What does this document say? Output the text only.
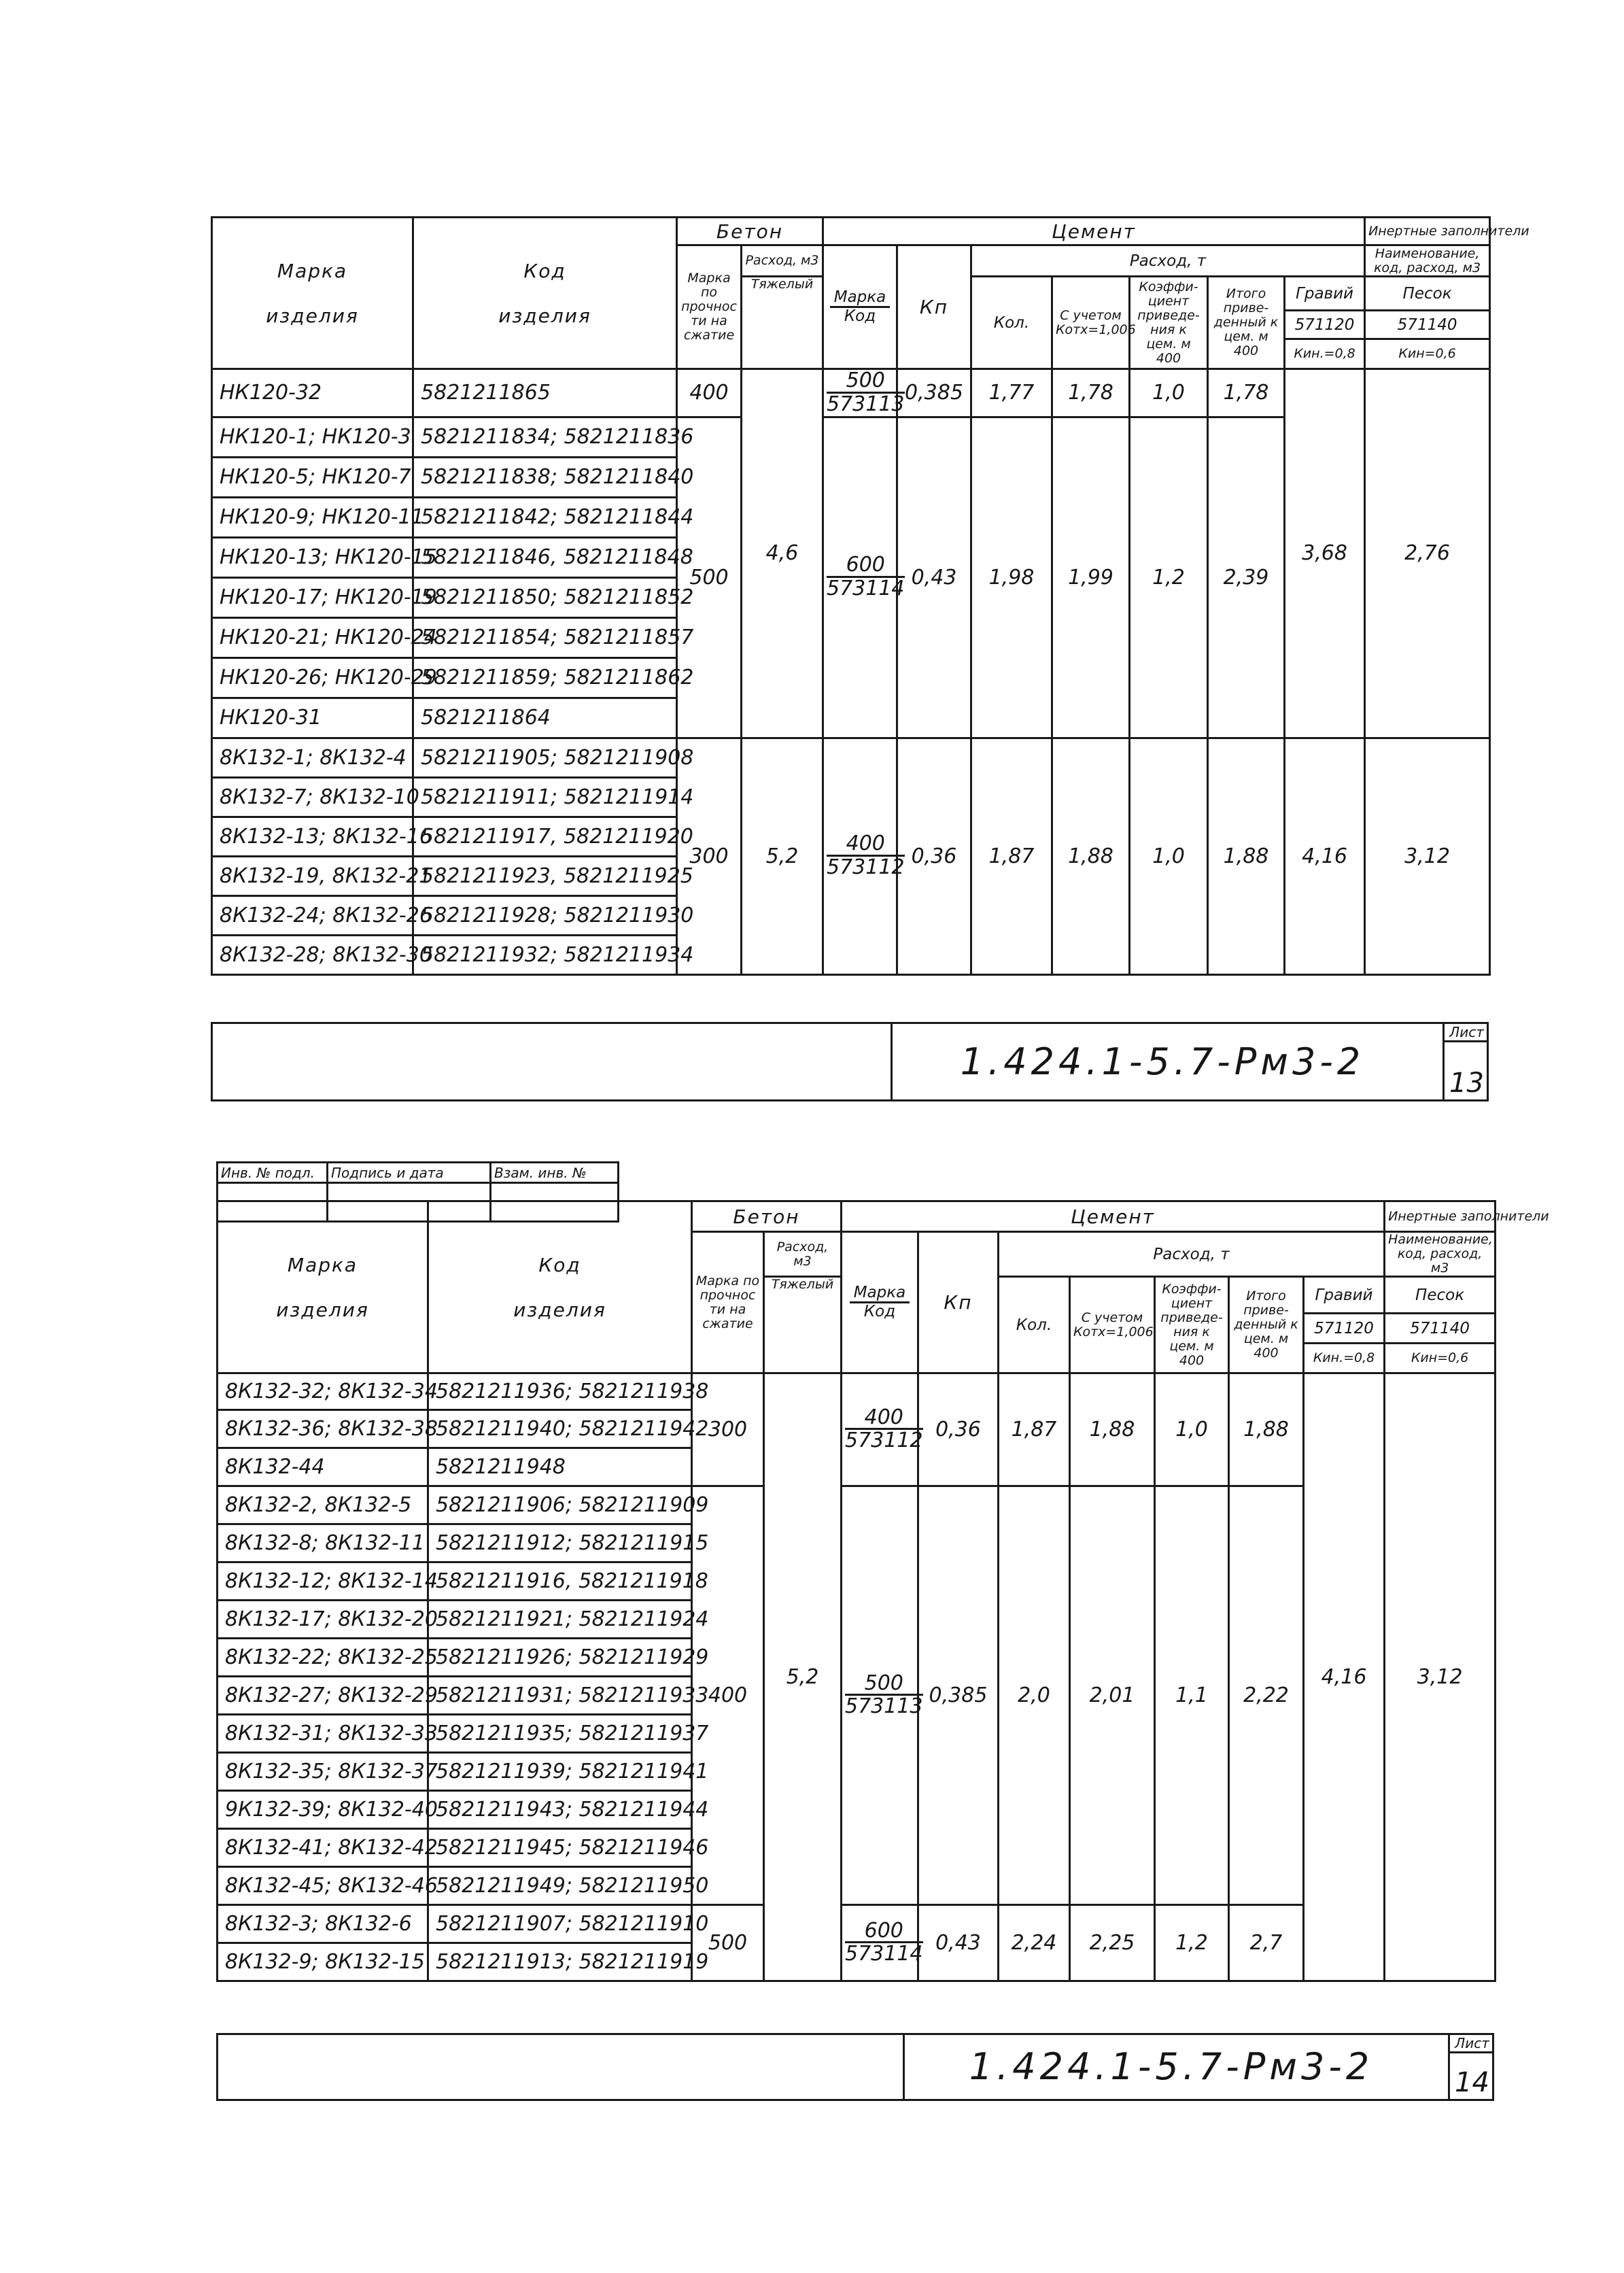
Марка

изделия	Код

изделия	Бетон		Цемент							Инертные заполнители
		Марка по прочнос ти на сжатие	Расход, м3	$\frac{\text{Марка}}{\text{Код}}$	Кп	Расход, т					Наименование, код, расход, м3
			Тяжелый			Кол.	С учетом Котх=1,006	Коэффи- циент приведе- ния к цем. м 400	Итого приве- денный к цем. м 400	Гравий	Песок
										571120	571140
										Кин.=0,8	Кин=0,6
НК120-32	5821211865	400	4,6	$\frac{500}{573113}$	0,385	1,77	1,78	1,0	1,78	3,68	2,76
НК120-1; НК120-3	5821211834; 5821211836	500		$\frac{600}{573114}$	0,43	1,98	1,99	1,2	2,39		
НК120-5; НК120-7	5821211838; 5821211840										
НК120-9; НК120-11	5821211842; 5821211844										
НК120-13; НК120-15	5821211846, 5821211848										
НК120-17; НК120-19	5821211850; 5821211852										
НК120-21; НК120-24	5821211854; 5821211857										
НК120-26; НК120-29	5821211859; 5821211862										
НК120-31	5821211864										
8К132-1; 8К132-4	5821211905; 5821211908	300	5,2	$\frac{400}{573112}$	0,36	1,87	1,88	1,0	1,88	4,16	3,12
8К132-7; 8К132-10	5821211911; 5821211914										
8К132-13; 8К132-16	5821211917, 5821211920										
8К132-19, 8К132-21	5821211923, 5821211925										
8К132-24; 8К132-26	5821211928; 5821211930										
8К132-28; 8К132-30	5821211932; 5821211934										
1.424.1-5.7-Рм3-2
Лист
13
Инв. № подл.	Подпись и дата	Взам. инв. №

Марка

изделия	Код

изделия	Бетон		Цемент							Инертные заполнители
		Марка по прочнос ти на сжатие	Расход, м3	$\frac{\text{Марка}}{\text{Код}}$	Кп	Расход, т					Наименование, код, расход, м3
			Тяжелый			Кол.	С учетом Котх=1,006	Коэффи- циент приведе- ния к цем. м 400	Итого приве- денный к цем. м 400	Гравий	Песок
										571120	571140
										Кин.=0,8	Кин=0,6
8К132-32; 8К132-34	5821211936; 5821211938	300	5,2	$\frac{400}{573112}$	0,36	1,87	1,88	1,0	1,88	4,16	3,12
8К132-36; 8К132-38	5821211940; 5821211942										
8К132-44	5821211948										
8К132-2, 8К132-5	5821211906; 5821211909	400		$\frac{500}{573113}$	0,385	2,0	2,01	1,1	2,22		
8К132-8; 8К132-11	5821211912; 5821211915										
8К132-12; 8К132-14	5821211916, 5821211918										
8К132-17; 8К132-20	5821211921; 5821211924										
8К132-22; 8К132-25	5821211926; 5821211929										
8К132-27; 8К132-29	5821211931; 5821211933										
8К132-31; 8К132-33	5821211935; 5821211937										
8К132-35; 8К132-37	5821211939; 5821211941										
9К132-39; 8К132-40	5821211943; 5821211944										
8К132-41; 8К132-42	5821211945; 5821211946										
8К132-45; 8К132-46	5821211949; 5821211950										
8К132-3; 8К132-6	5821211907; 5821211910	500		$\frac{600}{573114}$	0,43	2,24	2,25	1,2	2,7		
8К132-9; 8К132-15	5821211913; 5821211919										
1.424.1-5.7-Рм3-2
Лист
14
